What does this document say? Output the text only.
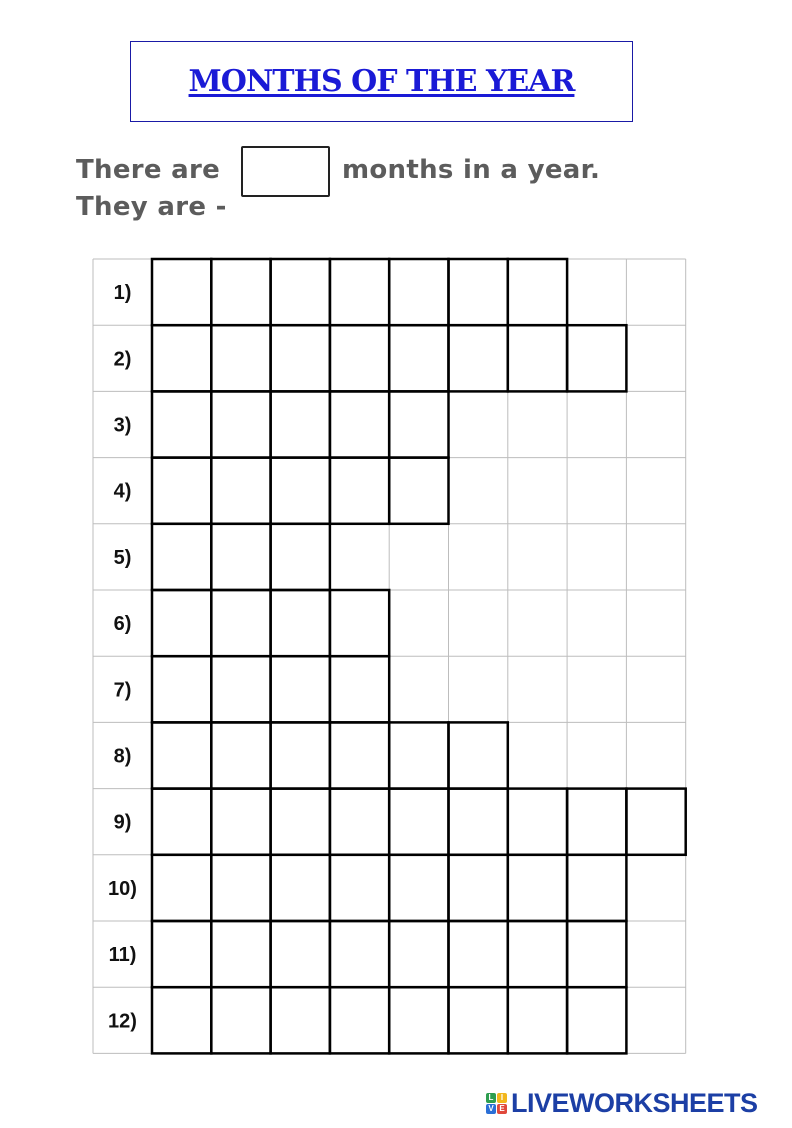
MONTHS OF THE YEAR
There are	months in a year.
They are -
1)
2)
3)
4)
5)
6)
7)
8)
9)
10)
11)
12)
L I
V E LIVEWORKSHEETS
